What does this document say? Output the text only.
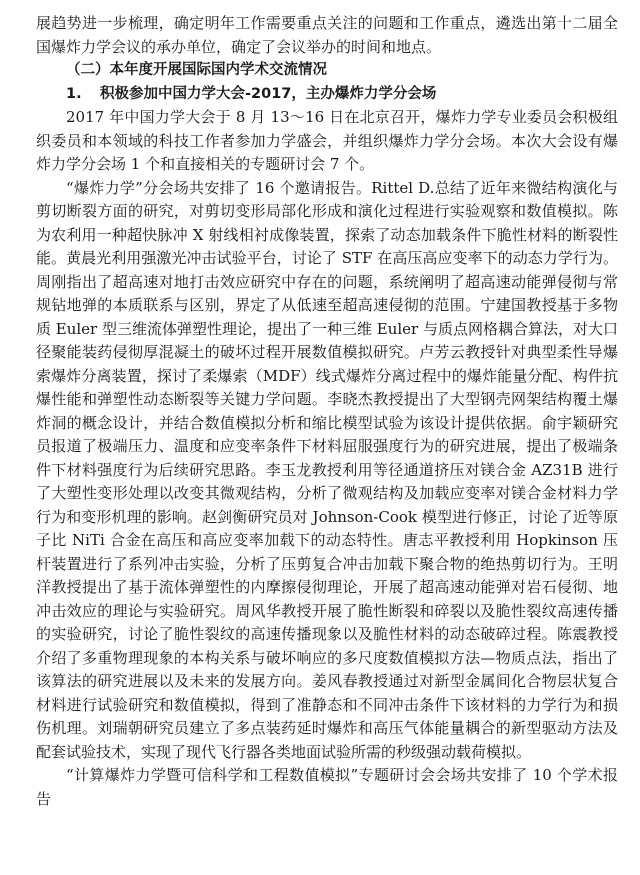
展趋势进一步梳理，确定明年工作需要重点关注的问题和工作重点，遴选出第十二届全国爆炸力学会议的承办单位，确定了会议举办的时间和地点。

（二）本年度开展国际国内学术交流情况

1. 积极参加中国力学大会-2017，主办爆炸力学分会场

2017 年中国力学大会于 8 月 13～16 日在北京召开，爆炸力学专业委员会积极组织委员和本领域的科技工作者参加力学盛会，并组织爆炸力学分会场。本次大会设有爆炸力学分会场 1 个和直接相关的专题研讨会 7 个。

“爆炸力学”分会场共安排了 16 个邀请报告。Rittel D.总结了近年来微结构演化与剪切断裂方面的研究，对剪切变形局部化形成和演化过程进行实验观察和数值模拟。陈为农利用一种超快脉冲 X 射线相衬成像装置，探索了动态加载条件下脆性材料的断裂性能。黄晨光利用强激光冲击试验平台，讨论了 STF 在高压高应变率下的动态力学行为。周刚指出了超高速对地打击效应研究中存在的问题，系统阐明了超高速动能弹侵彻与常规钻地弹的本质联系与区别，界定了从低速至超高速侵彻的范围。宁建国教授基于多物质 Euler 型三维流体弹塑性理论，提出了一种三维 Euler 与质点网格耦合算法，对大口径聚能装药侵彻厚混凝土的破坏过程开展数值模拟研究。卢芳云教授针对典型柔性导爆索爆炸分离装置，探讨了柔爆索（MDF）线式爆炸分离过程中的爆炸能量分配、构件抗爆性能和弹塑性动态断裂等关键力学问题。李晓杰教授提出了大型钢壳网架结构覆土爆炸洞的概念设计，并结合数值模拟分析和缩比模型试验为该设计提供依据。俞宇颖研究员报道了极端压力、温度和应变率条件下材料屈服强度行为的研究进展，提出了极端条件下材料强度行为后续研究思路。李玉龙教授利用等径通道挤压对镁合金 AZ31B 进行了大塑性变形处理以改变其微观结构，分析了微观结构及加载应变率对镁合金材料力学行为和变形机理的影响。赵剑衡研究员对 Johnson-Cook 模型进行修正，讨论了近等原子比 NiTi 合金在高压和高应变率加载下的动态特性。唐志平教授利用 Hopkinson 压杆装置进行了系列冲击实验，分析了压剪复合冲击加载下聚合物的绝热剪切行为。王明洋教授提出了基于流体弹塑性的内摩擦侵彻理论，开展了超高速动能弹对岩石侵彻、地冲击效应的理论与实验研究。周风华教授开展了脆性断裂和碎裂以及脆性裂纹高速传播的实验研究，讨论了脆性裂纹的高速传播现象以及脆性材料的动态破碎过程。陈震教授介绍了多重物理现象的本构关系与破坏响应的多尺度数值模拟方法—物质点法，指出了该算法的研究进展以及未来的发展方向。姜风春教授通过对新型金属间化合物层状复合材料进行试验研究和数值模拟，得到了准静态和不同冲击条件下该材料的力学行为和损伤机理。刘瑞朝研究员建立了多点装药延时爆炸和高压气体能量耦合的新型驱动方法及配套试验技术，实现了现代飞行器各类地面试验所需的秒级强动载荷模拟。

“计算爆炸力学暨可信科学和工程数值模拟”专题研讨会会场共安排了 10 个学术报告
